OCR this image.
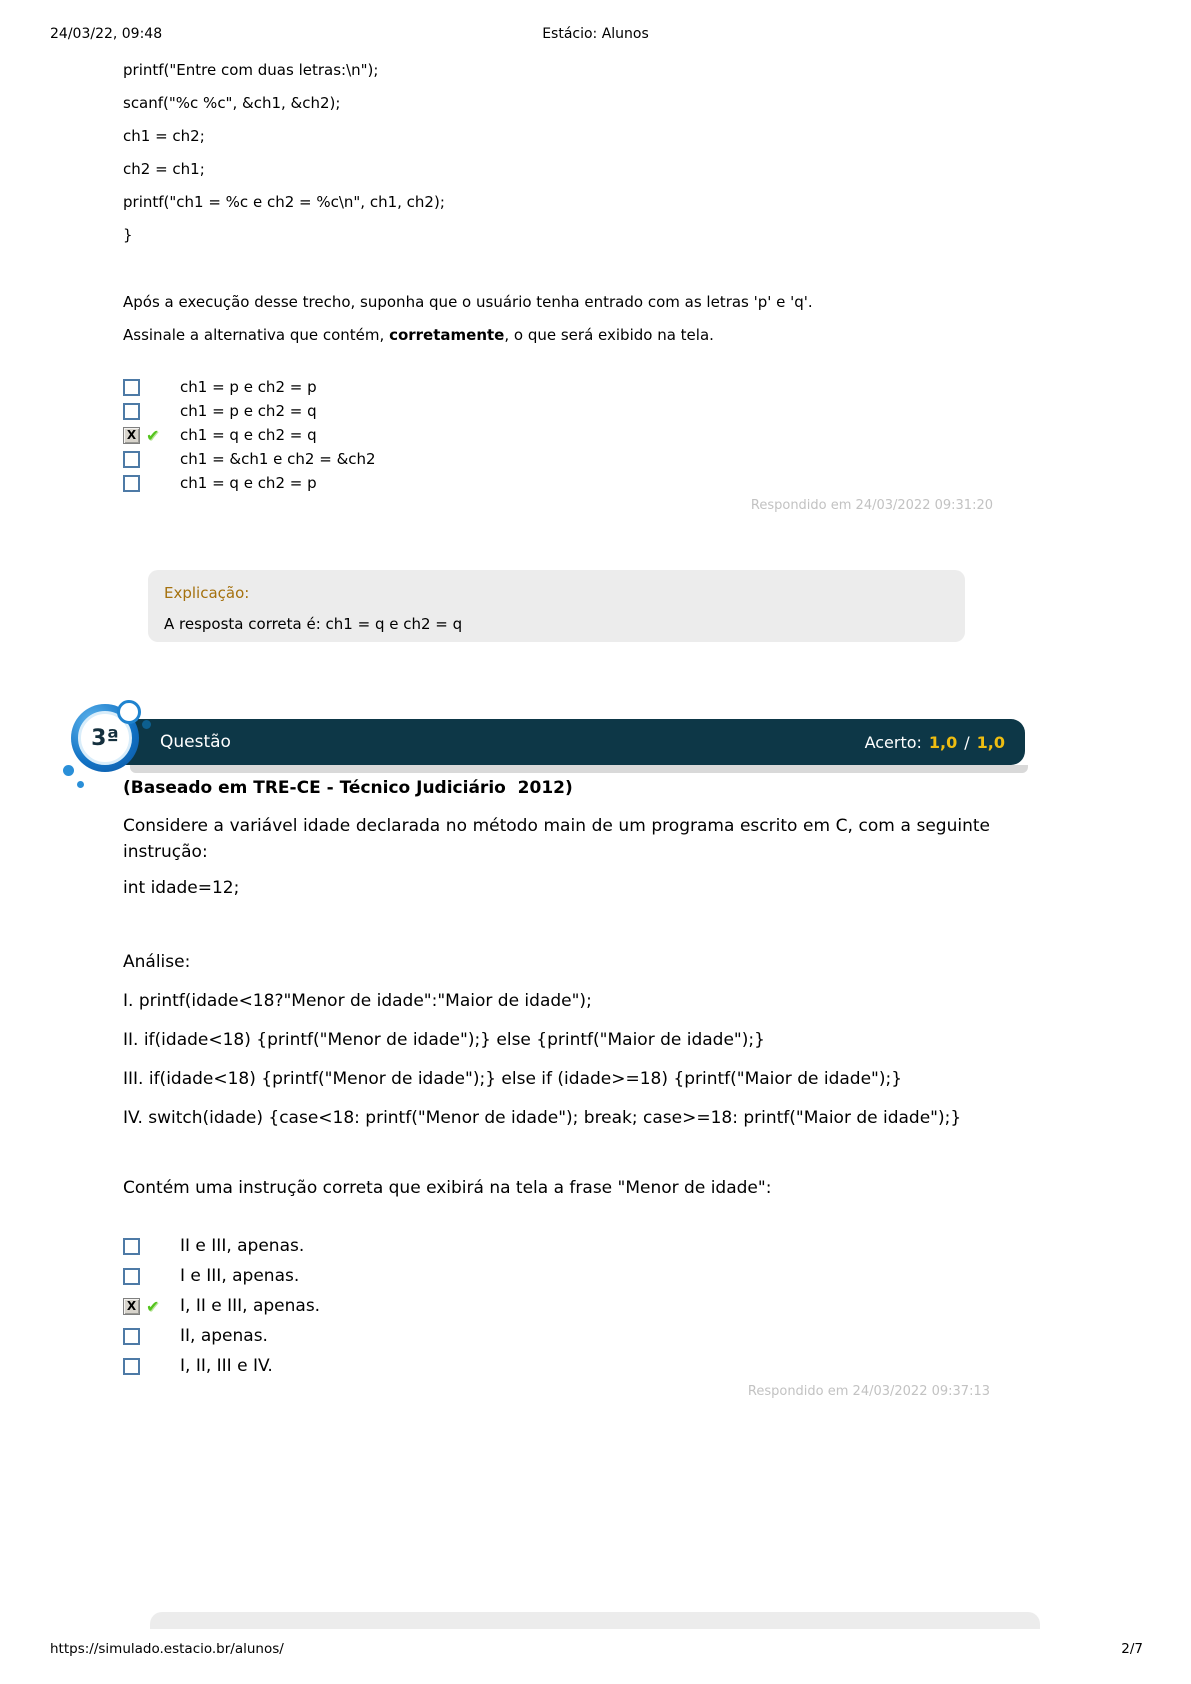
24/03/22, 09:48	Estácio: Alunos
printf("Entre com duas letras:\n");
scanf("%c %c", &ch1, &ch2);
ch1 = ch2;
ch2 = ch1;
printf("ch1 = %c e ch2 = %c\n", ch1, ch2);
}
Após a execução desse trecho, suponha que o usuário tenha entrado com as letras 'p' e 'q'.
Assinale a alternativa que contém, corretamente, o que será exibido na tela.
ch1 = p e ch2 = p
ch1 = p e ch2 = q
X ✔ ch1 = q e ch2 = q
ch1 = &ch1 e ch2 = &ch2
ch1 = q e ch2 = p
Respondido em 24/03/2022 09:31:20
Explicação:
A resposta correta é: ch1 = q e ch2 = q
Questão	Acerto: 1,0 / 1,0
3ª
(Baseado em TRE-CE - Técnico Judiciário  2012)

Considere a variável idade declarada no método main de um programa escrito em C, com a seguinte instrução:

int idade=12;

Análise:

I. printf(idade<18?"Menor de idade":"Maior de idade");

II. if(idade<18) {printf("Menor de idade");} else {printf("Maior de idade");}

III. if(idade<18) {printf("Menor de idade");} else if (idade>=18) {printf("Maior de idade");}

IV. switch(idade) {case<18: printf("Menor de idade"); break; case>=18: printf("Maior de idade");}

Contém uma instrução correta que exibirá na tela a frase "Menor de idade":

II e III, apenas.
I e III, apenas.
X ✔ I, II e III, apenas.
II, apenas.
I, II, III e IV.
Respondido em 24/03/2022 09:37:13
https://simulado.estacio.br/alunos/	2/7
